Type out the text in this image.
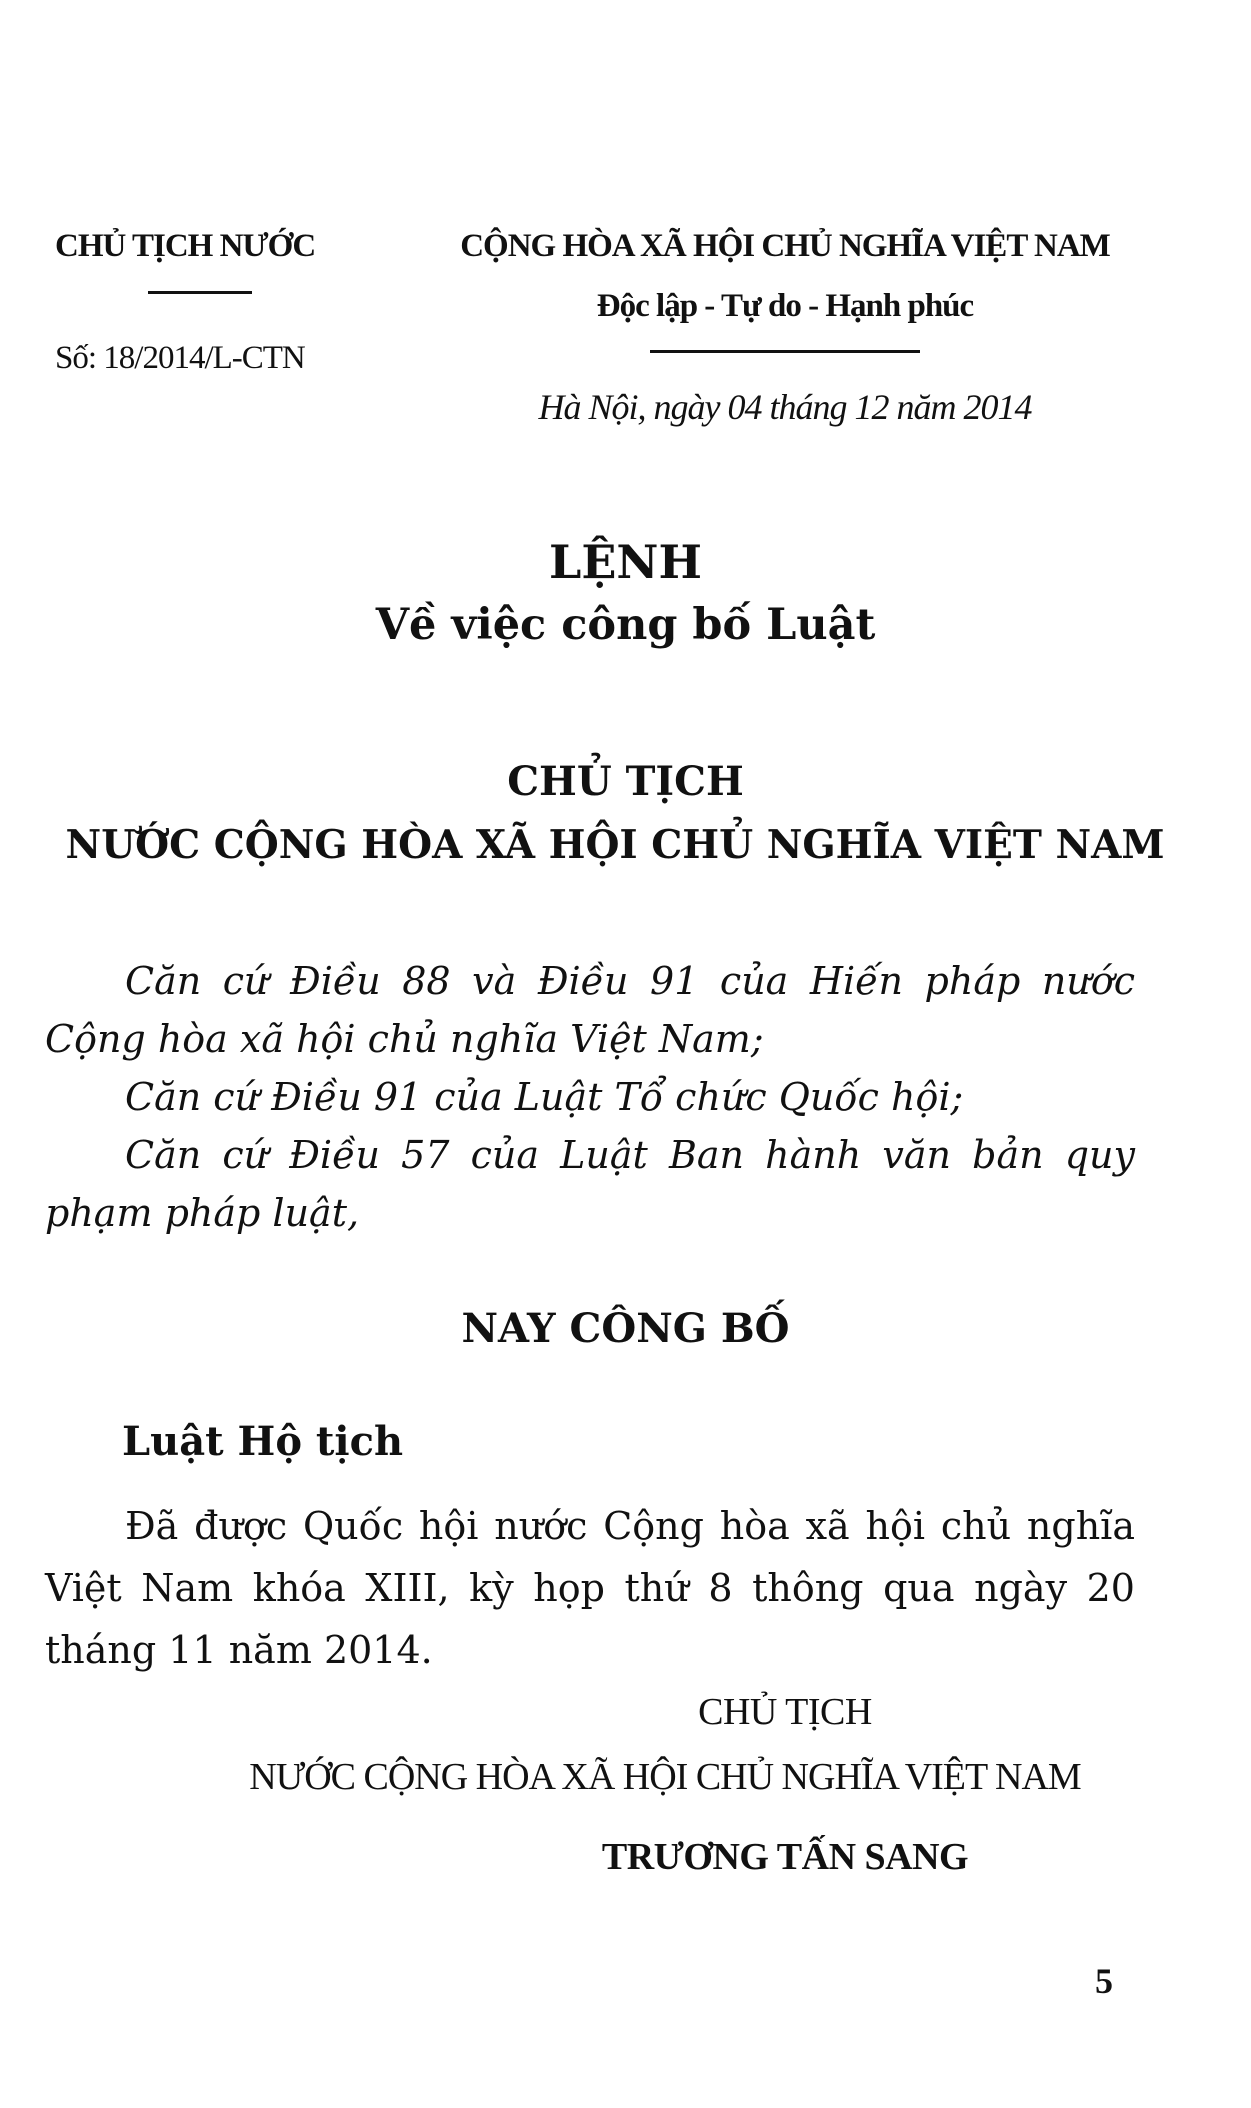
CHỦ TỊCH NƯỚC
Số: 18/2014/L-CTN
CỘNG HÒA XÃ HỘI CHỦ NGHĨA VIỆT NAM
Độc lập - Tự do - Hạnh phúc
Hà Nội, ngày 04 tháng 12 năm 2014
LỆNH
Về việc công bố Luật
CHỦ TỊCH
NƯỚC CỘNG HÒA XÃ HỘI CHỦ NGHĨA VIỆT NAM

Căn cứ Điều 88 và Điều 91 của Hiến pháp nước Cộng hòa xã hội chủ nghĩa Việt Nam;

Căn cứ Điều 91 của Luật Tổ chức Quốc hội;

Căn cứ Điều 57 của Luật Ban hành văn bản quy phạm pháp luật,

NAY CÔNG BỐ
Luật Hộ tịch
Đã được Quốc hội nước Cộng hòa xã hội chủ nghĩa Việt Nam khóa XIII, kỳ họp thứ 8 thông qua ngày 20 tháng 11 năm 2014.
CHỦ TỊCH
NƯỚC CỘNG HÒA XÃ HỘI CHỦ NGHĨA VIỆT NAM
TRƯƠNG TẤN SANG
5
